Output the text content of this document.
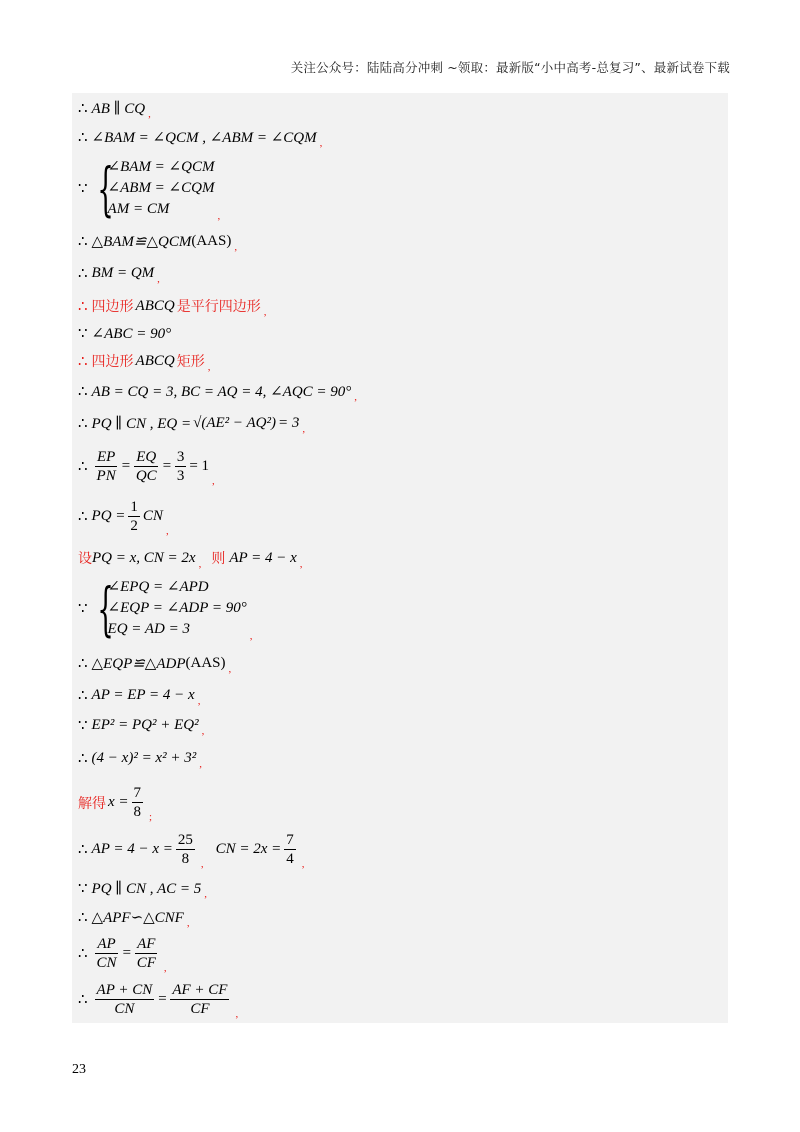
关注公众号：陆陆高分冲刺 ~领取：最新版“小中高考-总复习”、最新试卷下载
∴ AB ∥ CQ ,
∴ ∠BAM = ∠QCM , ∠ABM = ∠CQM ,
∵ {
∠BAM = ∠QCM
∠ABM = ∠CQM
AM = CM	,
∴ △BAM≌△QCM (AAS) ,
∴ BM = QM ,
∴ 四边形 ABCQ 是平行四边形 ,
∵ ∠ABC = 90°
∴ 四边形 ABCQ 矩形 ,
∴ AB = CQ = 3, BC = AQ = 4, ∠AQC = 90° ,
∴ PQ ∥ CN , EQ = √(AE² − AQ²) = 3 ,
∴ $\frac{EP}{PN} = \frac{EQ}{QC} = \frac{3}{3} = 1$
,
∴ PQ = $\frac{1}{2}$ CN
,
设 PQ = x, CN = 2x , 则 AP = 4 − x ,
∵ {
∠EPQ = ∠APD
∠EQP = ∠ADP = 90°
EQ = AD = 3	,
∴ △EQP≌△ADP (AAS) ,
∴ AP = EP = 4 − x ,
∵ EP² = PQ² + EQ² ,
∴ (4 − x)² = x² + 3² ,
解得 $x = \frac{7}{8}$ ;
∴ AP = $4 - x = \frac{25}{8}$ ,
CN = $2x = \frac{7}{4}$ ,
∵ PQ ∥ CN , AC = 5 ,
∴ △APF∽△CNF ,
∴ $\frac{AP}{CN} = \frac{AF}{CF}$ ,
∴ $\frac{AP + CN}{CN} = \frac{AF + CF}{CF}$ ,
23
